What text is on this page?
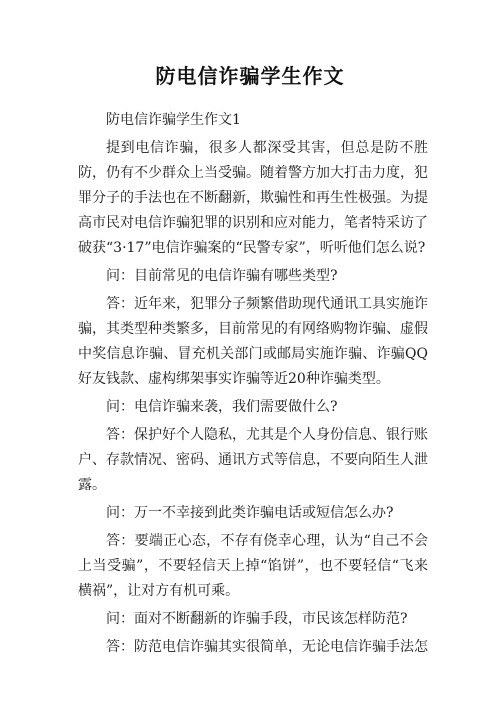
防电信诈骗学生作文

防电信诈骗学生作文1

提到电信诈骗，很多人都深受其害，但总是防不胜防，仍有不少群众上当受骗。随着警方加大打击力度，犯罪分子的手法也在不断翻新，欺骗性和再生性极强。为提高市民对电信诈骗犯罪的识别和应对能力，笔者特采访了破获“3·17”电信诈骗案的“民警专家”，听听他们怎么说?

问：目前常见的电信诈骗有哪些类型?

答：近年来，犯罪分子频繁借助现代通讯工具实施诈骗，其类型种类繁多，目前常见的有网络购物诈骗、虚假中奖信息诈骗、冒充机关部门或邮局实施诈骗、诈骗QQ好友钱款、虚构绑架事实诈骗等近20种诈骗类型。

问：电信诈骗来袭，我们需要做什么?

答：保护好个人隐私，尤其是个人身份信息、银行账户、存款情况、密码、通讯方式等信息，不要向陌生人泄露。

问：万一不幸接到此类诈骗电话或短信怎么办?

答：要端正心态，不存有侥幸心理，认为“自己不会上当受骗”，不要轻信天上掉“馅饼”，也不要轻信“飞来横祸”，让对方有机可乘。

问：面对不断翻新的诈骗手段，市民该怎样防范?

答：防范电信诈骗其实很简单，无论电信诈骗手法怎
